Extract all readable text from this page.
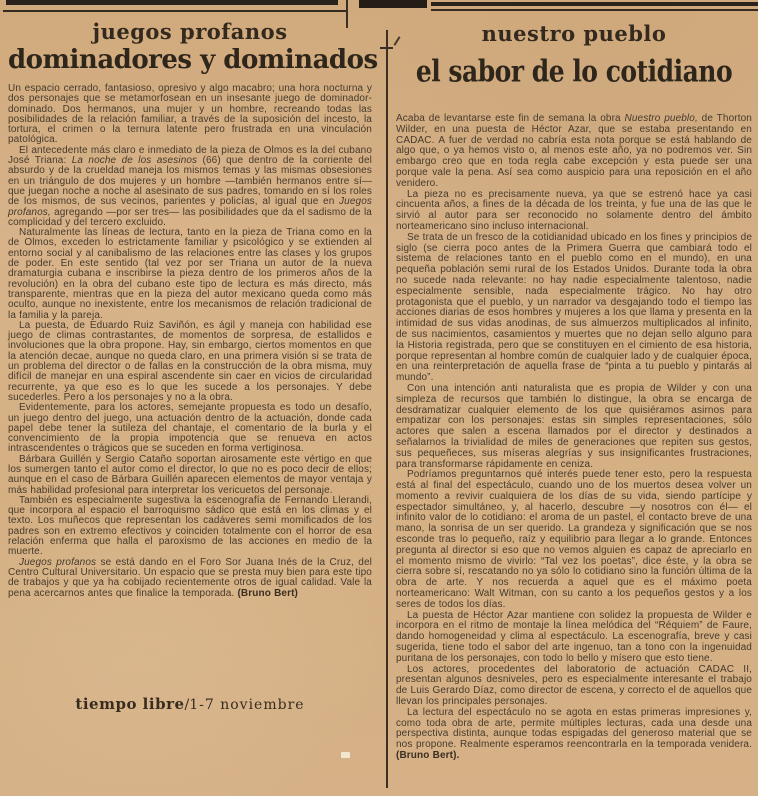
juegos profanos
dominadores y dominados

Un espacio cerrado, fantasioso, opresivo y algo macabro; una hora nocturna y dos personajes que se metamorfosean en un insesante juego de dominador-dominado. Dos hermanos, una mujer y un hombre, recreando todas las posibilidades de la relación familiar, a través de la suposición del incesto, la tortura, el crimen o la ternura latente pero frustrada en una vinculación patológica.

El antecedente más claro e inmediato de la pieza de Olmos es la del cubano José Triana: La noche de los asesinos (66) que dentro de la corriente del absurdo y de la crueldad maneja los mismos temas y las mismas obsesiones en un triángulo de dos mujeres y un hombre —también hermanos entre sí— que juegan noche a noche al asesinato de sus padres, tomando en sí los roles de los mismos, de sus vecinos, parientes y policías, al igual que en Juegos profanos, agregando —por ser tres— las posibilidades que da el sadismo de la complicidad y del tercero excluido.

Naturalmente las líneas de lectura, tanto en la pieza de Triana como en la de Olmos, exceden lo estrictamente familiar y psicológico y se extienden al entorno social y al canibalismo de las relaciones entre las clases y los grupos de poder. En este sentido (tal vez por ser Triana un autor de la nueva dramaturgia cubana e inscribirse la pieza dentro de los primeros años de la revolución) en la obra del cubano este tipo de lectura es más directo, más transparente, mientras que en la pieza del autor mexicano queda como más oculto, aunque no inexistente, entre los mecanismos de relación tradicional de la familia y la pareja.

La puesta, de Eduardo Ruiz Saviñón, es ágil y maneja con habilidad ese juego de climas contrastantes, de momentos de sorpresa, de estallidos e involuciones que la obra propone. Hay, sin embargo, ciertos momentos en que la atención decae, aunque no queda claro, en una primera visión si se trata de un problema del director o de fallas en la construcción de la obra misma, muy difícil de manejar en una espiral ascendente sin caer en vicios de circularidad recurrente, ya que eso es lo que les sucede a los personajes. Y debe sucederles. Pero a los personajes y no a la obra.

Evidentemente, para los actores, semejante propuesta es todo un desafío, un juego dentro del juego, una actuación dentro de la actuación, donde cada papel debe tener la sutileza del chantaje, el comentario de la burla y el convencimiento de la propia impotencia que se renueva en actos intrascendentes o trágicos que se suceden en forma vertiginosa.

Bárbara Guillén y Sergio Cataño soportan airosamente este vértigo en que los sumergen tanto el autor como el director, lo que no es poco decir de ellos; aunque en el caso de Bárbara Guillén aparecen elementos de mayor ventaja y más habilidad profesional para interpretar los vericuetos del personaje.

También es especialmente sugestiva la escenografía de Fernando Llerandi, que incorpora al espacio el barroquismo sádico que está en los climas y el texto. Los muñecos que representan los cadáveres semi momificados de los padres son en extremo efectivos y coinciden totalmente con el horror de esa relación enferma que halla el paroxismo de las acciones en medio de la muerte.

Juegos profanos se está dando en el Foro Sor Juana Inés de la Cruz, del Centro Cultural Universitario. Un espacio que se presta muy bien para este tipo de trabajos y que ya ha cobijado recientemente otros de igual calidad. Vale la pena acercarnos antes que finalice la temporada. (Bruno Bert)

nuestro pueblo
el sabor de lo cotidiano

Acaba de levantarse este fin de semana la obra Nuestro pueblo, de Thorton Wilder, en una puesta de Héctor Azar, que se estaba presentando en CADAC. A fuer de verdad no cabría esta nota porque se está hablando de algo que, o ya hemos visto o, al menos este año, ya no podremos ver. Sin embargo creo que en toda regla cabe excepción y esta puede ser una porque vale la pena. Así sea como auspicio para una reposición en el año venidero.

La pieza no es precisamente nueva, ya que se estrenó hace ya casi cincuenta años, a fines de la década de los treinta, y fue una de las que le sirvió al autor para ser reconocido no solamente dentro del ámbito norteamericano sino incluso internacional.

Se trata de un fresco de la cotidianidad ubicado en los fines y principios de siglo (se cierra poco antes de la Primera Guerra que cambiará todo el sistema de relaciones tanto en el pueblo como en el mundo), en una pequeña población semi rural de los Estados Unidos. Durante toda la obra no sucede nada relevante: no hay nadie especialmente talentoso, nadie especialmente sensible, nada especialmente trágico. No hay otro protagonista que el pueblo, y un narrador va desgajando todo el tiempo las acciones diarias de esos hombres y mujeres a los que llama y presenta en la intimidad de sus vidas anodinas, de sus almuerzos multiplicados al infinito, de sus nacimientos, casamientos y muertes que no dejan sello alguno para la Historia registrada, pero que se constituyen en el cimiento de esa historia, porque representan al hombre común de cualquier lado y de cualquier época, en una reinterpretación de aquella frase de “pinta a tu pueblo y pintarás al mundo”.

Con una intención anti naturalista que es propia de Wilder y con una simpleza de recursos que también lo distingue, la obra se encarga de desdramatizar cualquier elemento de los que quisiéramos asirnos para empatizar con los personajes: estas sin simples representaciones, sólo actores que salen a escena llamados por el director y destinados a señalarnos la trivialidad de miles de generaciones que repiten sus gestos, sus pequeñeces, sus míseras alegrías y sus insignificantes frustraciones, para transformarse rápidamente en ceniza.

Podríamos preguntarnos qué interés puede tener esto, pero la respuesta está al final del espectáculo, cuando uno de los muertos desea volver un momento a revivir cualquiera de los días de su vida, siendo partícipe y espectador simultáneo, y, al hacerlo, descubre —y nosotros con él— el infinito valor de lo cotidiano: el aroma de un pastel, el contacto breve de una mano, la sonrisa de un ser querido. La grandeza y significación que se nos esconde tras lo pequeño, raíz y equilibrio para llegar a lo grande. Entonces pregunta al director si eso que no vemos alguien es capaz de apreciarlo en el momento mismo de vivirlo: “Tal vez los poetas”, dice éste, y la obra se cierra sobre sí, rescatando no ya sólo lo cotidiano sino la función última de la obra de arte. Y nos recuerda a aquel que es el máximo poeta norteamericano: Walt Witman, con su canto a los pequeños gestos y a los seres de todos los días.

La puesta de Héctor Azar mantiene con solidez la propuesta de Wilder e incorpora en el ritmo de montaje la línea melódica del “Réquiem” de Faure, dando homogeneidad y clima al espectáculo. La escenografía, breve y casi sugerida, tiene todo el sabor del arte ingenuo, tan a tono con la ingenuidad puritana de los personajes, con todo lo bello y mísero que esto tiene.

Los actores, procedentes del laboratorio de actuación CADAC II, presentan algunos desniveles, pero es especialmente interesante el trabajo de Luis Gerardo Díaz, como director de escena, y correcto el de aquellos que llevan los principales personajes.

La lectura del espectáculo no se agota en estas primeras impresiones y, como toda obra de arte, permite múltiples lecturas, cada una desde una perspectiva distinta, aunque todas espigadas del generoso material que se nos propone. Realmente esperamos reencontrarla en la temporada venidera. (Bruno Bert).

tiempo libre/1-7 noviembre
